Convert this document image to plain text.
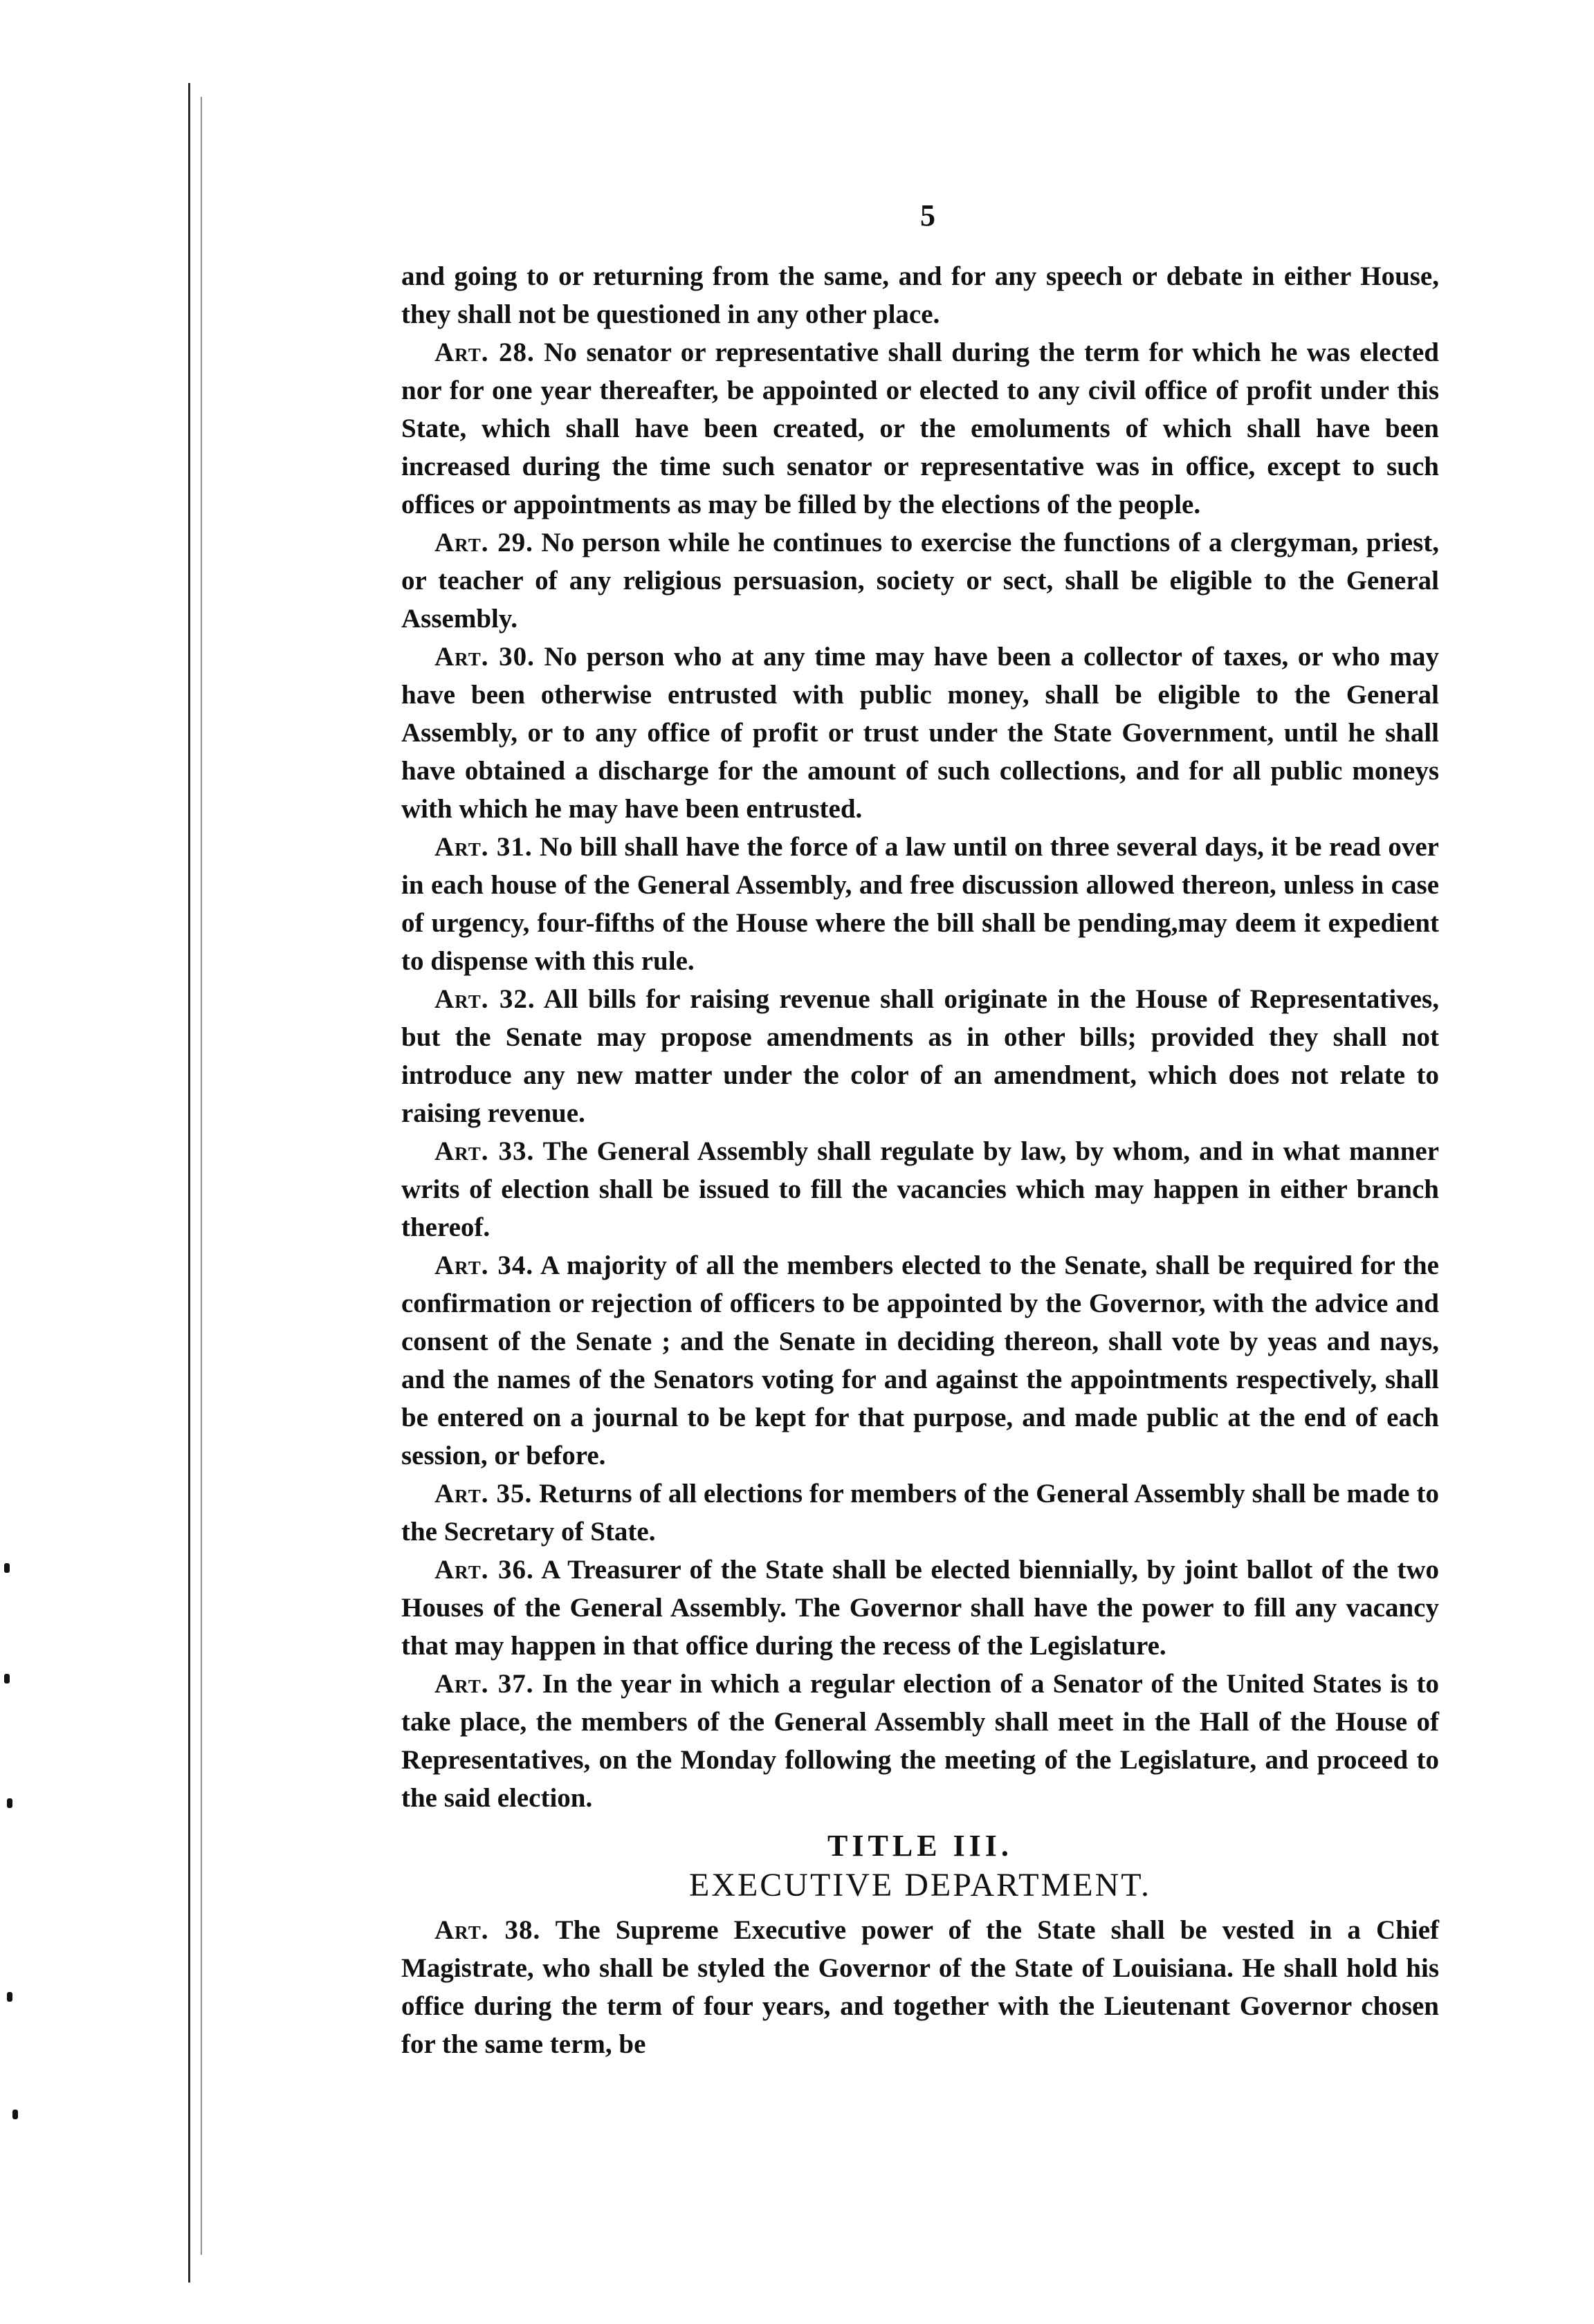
5

and going to or returning from the same, and for any speech or debate in either House, they shall not be questioned in any other place.

Art. 28. No senator or representative shall during the term for which he was elected nor for one year thereafter, be appointed or elected to any civil office of profit under this State, which shall have been created, or the emoluments of which shall have been increased during the time such senator or representative was in office, except to such offices or appointments as may be filled by the elections of the people.

Art. 29. No person while he continues to exercise the functions of a clergyman, priest, or teacher of any religious persuasion, society or sect, shall be eligible to the General Assembly.

Art. 30. No person who at any time may have been a collector of taxes, or who may have been otherwise entrusted with public money, shall be eligible to the General Assembly, or to any office of profit or trust under the State Government, until he shall have obtained a discharge for the amount of such collections, and for all public moneys with which he may have been entrusted.

Art. 31. No bill shall have the force of a law until on three several days, it be read over in each house of the General Assembly, and free discussion allowed thereon, unless in case of urgency, four-fifths of the House where the bill shall be pending,may deem it expedient to dispense with this rule.

Art. 32. All bills for raising revenue shall originate in the House of Representatives, but the Senate may propose amendments as in other bills; provided they shall not introduce any new matter under the color of an amendment, which does not relate to raising revenue.

Art. 33. The General Assembly shall regulate by law, by whom, and in what manner writs of election shall be issued to fill the vacancies which may happen in either branch thereof.

Art. 34. A majority of all the members elected to the Senate, shall be required for the confirmation or rejection of officers to be appointed by the Governor, with the advice and consent of the Senate ; and the Senate in deciding thereon, shall vote by yeas and nays, and the names of the Senators voting for and against the appointments respectively, shall be entered on a journal to be kept for that purpose, and made public at the end of each session, or before.

Art. 35. Returns of all elections for members of the General Assembly shall be made to the Secretary of State.

Art. 36. A Treasurer of the State shall be elected biennially, by joint ballot of the two Houses of the General Assembly. The Governor shall have the power to fill any vacancy that may happen in that office during the recess of the Legislature.

Art. 37. In the year in which a regular election of a Senator of the United States is to take place, the members of the General Assembly shall meet in the Hall of the House of Representatives, on the Monday following the meeting of the Legislature, and proceed to the said election.

TITLE III.
EXECUTIVE DEPARTMENT.

Art. 38. The Supreme Executive power of the State shall be vested in a Chief Magistrate, who shall be styled the Governor of the State of Louisiana. He shall hold his office during the term of four years, and together with the Lieutenant Governor chosen for the same term, be
